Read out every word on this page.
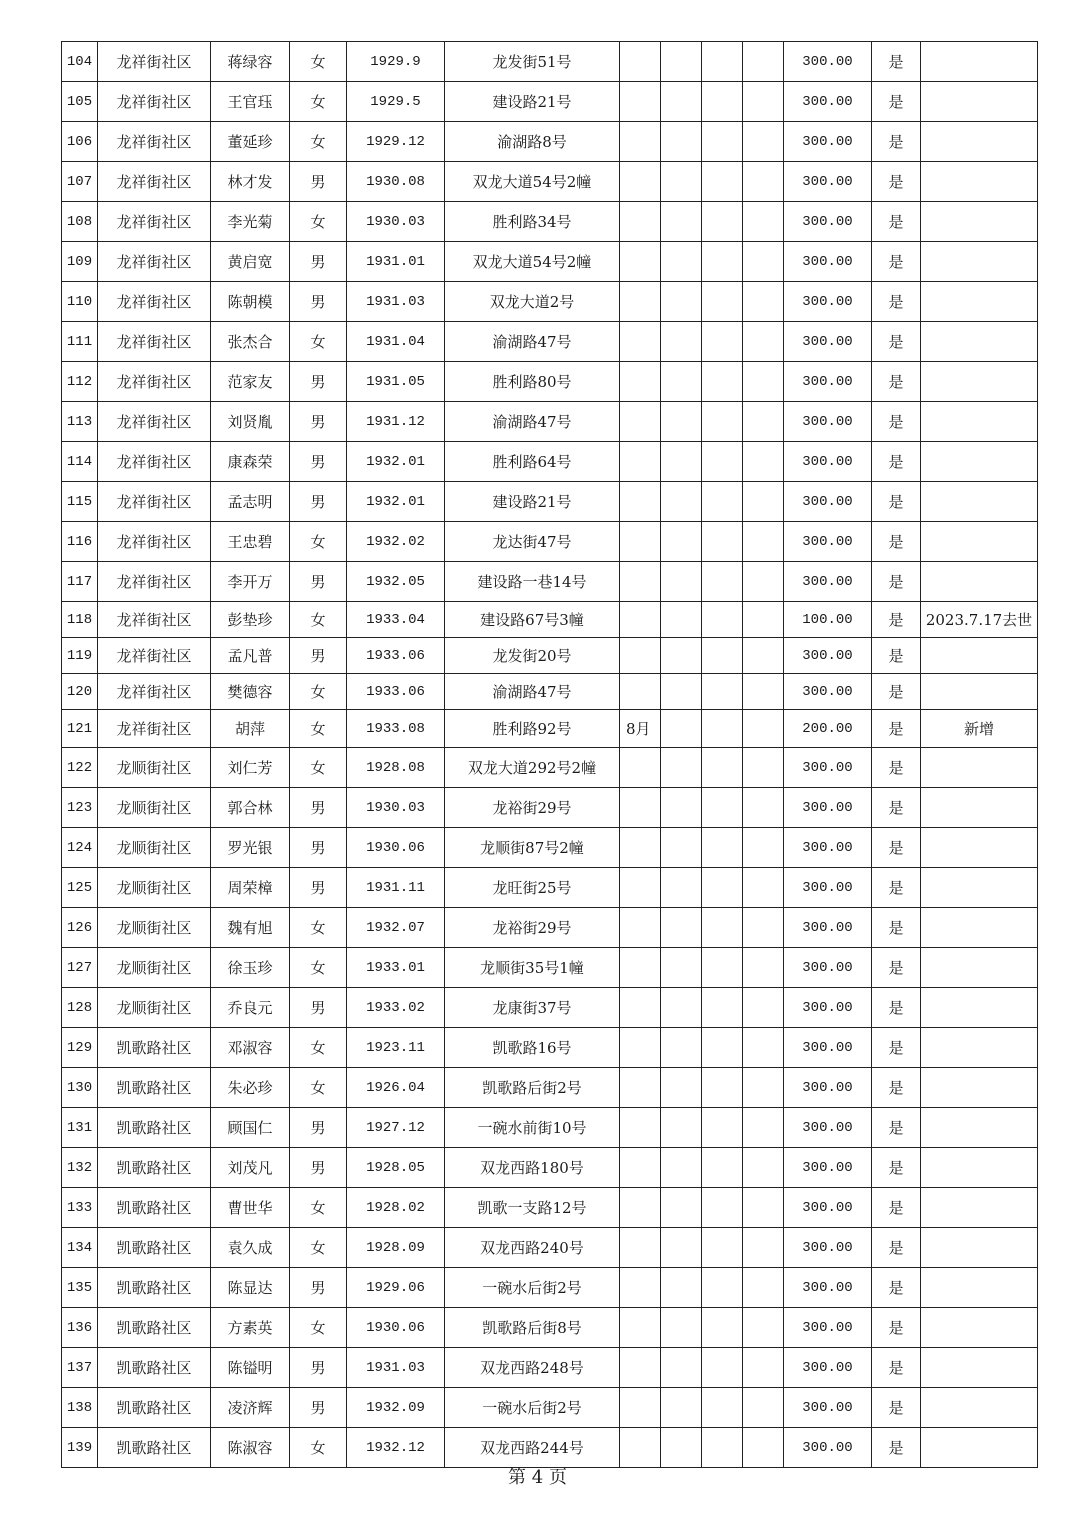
104	龙祥街社区	蒋绿容	女	1929.9	龙发街51号					300.00	是	
105	龙祥街社区	王官珏	女	1929.5	建设路21号					300.00	是	
106	龙祥街社区	董延珍	女	1929.12	渝湖路8号					300.00	是	
107	龙祥街社区	林才发	男	1930.08	双龙大道54号2幢					300.00	是	
108	龙祥街社区	李光菊	女	1930.03	胜利路34号					300.00	是	
109	龙祥街社区	黄启宽	男	1931.01	双龙大道54号2幢					300.00	是	
110	龙祥街社区	陈朝模	男	1931.03	双龙大道2号					300.00	是	
111	龙祥街社区	张杰合	女	1931.04	渝湖路47号					300.00	是	
112	龙祥街社区	范家友	男	1931.05	胜利路80号					300.00	是	
113	龙祥街社区	刘贤胤	男	1931.12	渝湖路47号					300.00	是	
114	龙祥街社区	康森荣	男	1932.01	胜利路64号					300.00	是	
115	龙祥街社区	孟志明	男	1932.01	建设路21号					300.00	是	
116	龙祥街社区	王忠碧	女	1932.02	龙达街47号					300.00	是	
117	龙祥街社区	李开万	男	1932.05	建设路一巷14号					300.00	是	
118	龙祥街社区	彭垫珍	女	1933.04	建设路67号3幢					100.00	是	2023.7.17去世
119	龙祥街社区	孟凡普	男	1933.06	龙发街20号					300.00	是	
120	龙祥街社区	樊德容	女	1933.06	渝湖路47号					300.00	是	
121	龙祥街社区	胡萍	女	1933.08	胜利路92号	8月				200.00	是	新增
122	龙顺街社区	刘仁芳	女	1928.08	双龙大道292号2幢					300.00	是	
123	龙顺街社区	郭合林	男	1930.03	龙裕街29号					300.00	是	
124	龙顺街社区	罗光银	男	1930.06	龙顺街87号2幢					300.00	是	
125	龙顺街社区	周荣樟	男	1931.11	龙旺街25号					300.00	是	
126	龙顺街社区	魏有旭	女	1932.07	龙裕街29号					300.00	是	
127	龙顺街社区	徐玉珍	女	1933.01	龙顺街35号1幢					300.00	是	
128	龙顺街社区	乔良元	男	1933.02	龙康街37号					300.00	是	
129	凯歌路社区	邓淑容	女	1923.11	凯歌路16号					300.00	是	
130	凯歌路社区	朱必珍	女	1926.04	凯歌路后街2号					300.00	是	
131	凯歌路社区	顾国仁	男	1927.12	一碗水前街10号					300.00	是	
132	凯歌路社区	刘茂凡	男	1928.05	双龙西路180号					300.00	是	
133	凯歌路社区	曹世华	女	1928.02	凯歌一支路12号					300.00	是	
134	凯歌路社区	袁久成	女	1928.09	双龙西路240号					300.00	是	
135	凯歌路社区	陈显达	男	1929.06	一碗水后街2号					300.00	是	
136	凯歌路社区	方素英	女	1930.06	凯歌路后街8号					300.00	是	
137	凯歌路社区	陈镒明	男	1931.03	双龙西路248号					300.00	是	
138	凯歌路社区	凌济辉	男	1932.09	一碗水后街2号					300.00	是	
139	凯歌路社区	陈淑容	女	1932.12	双龙西路244号					300.00	是	
第 4 页
